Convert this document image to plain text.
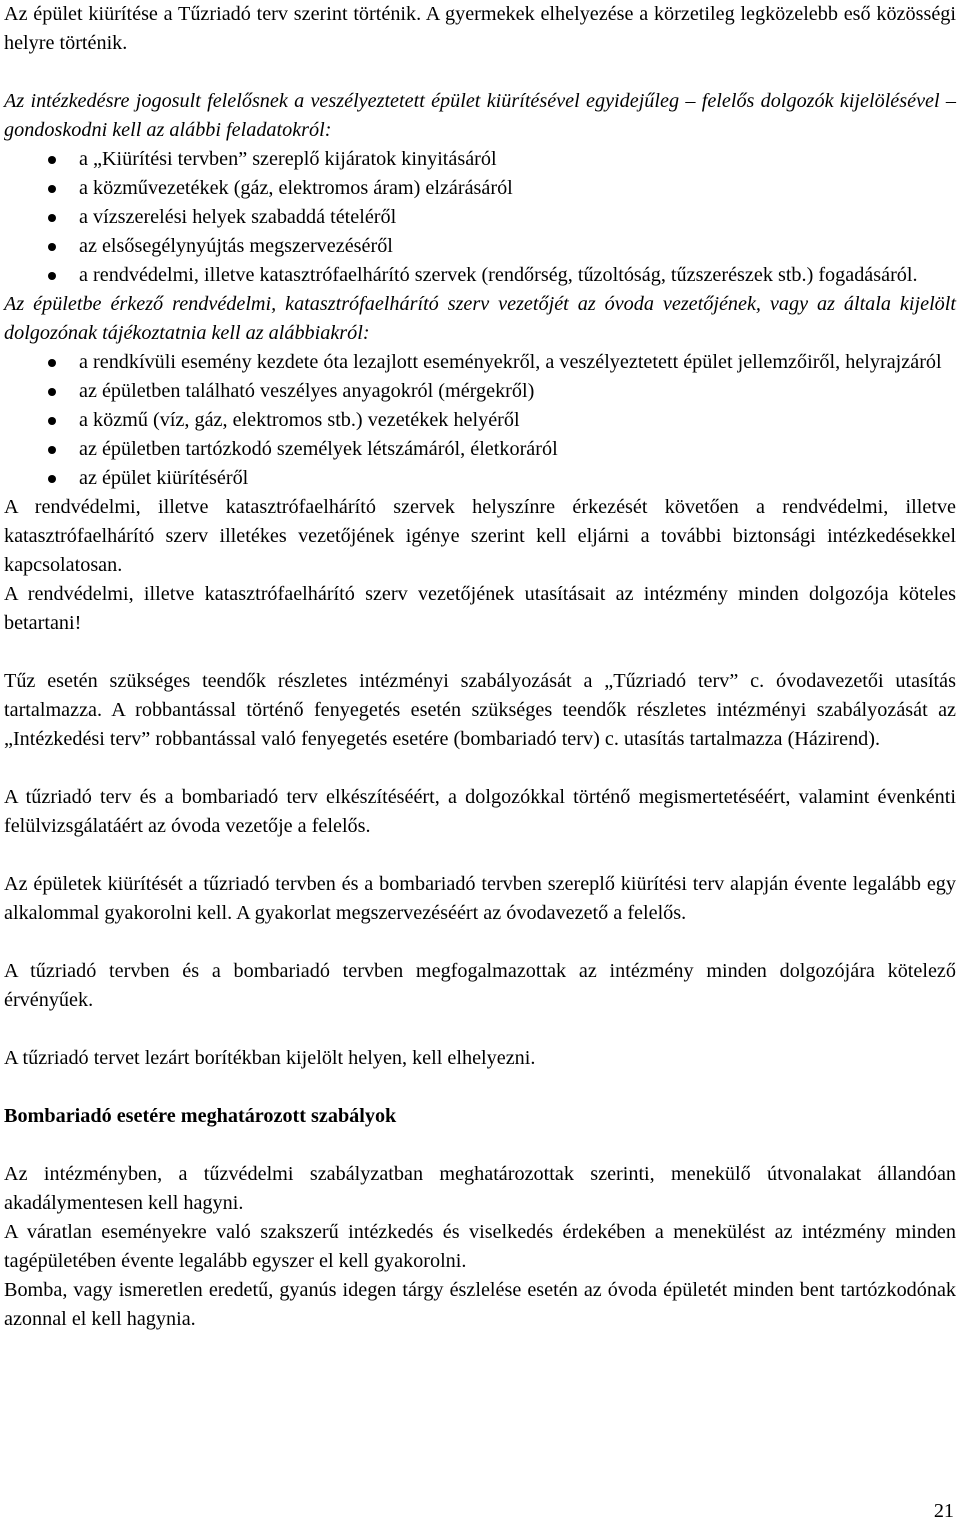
Az épület kiürítése a Tűzriadó terv szerint történik. A gyermekek elhelyezése a körzetileg legközelebb eső közösségi helyre történik.

Az intézkedésre jogosult felelősnek a veszélyeztetett épület kiürítésével egyidejűleg – felelős dolgozók kijelölésével – gondoskodni kell az alábbi feladatokról:

a „Kiürítési tervben” szereplő kijáratok kinyitásáról
a közművezetékek (gáz, elektromos áram) elzárásáról
a vízszerelési helyek szabaddá tételéről
az elsősegélynyújtás megszervezéséről
a rendvédelmi, illetve katasztrófaelhárító szervek (rendőrség, tűzoltóság, tűzszerészek stb.) fogadásáról.

Az épületbe érkező rendvédelmi, katasztrófaelhárító szerv vezetőjét az óvoda vezetőjének, vagy az általa kijelölt dolgozónak tájékoztatnia kell az alábbiakról:

a rendkívüli esemény kezdete óta lezajlott eseményekről, a veszélyeztetett épület jellemzőiről, helyrajzáról
az épületben található veszélyes anyagokról (mérgekről)
a közmű (víz, gáz, elektromos stb.) vezetékek helyéről
az épületben tartózkodó személyek létszámáról, életkoráról
az épület kiürítéséről

A rendvédelmi, illetve katasztrófaelhárító szervek helyszínre érkezését követően a rendvédelmi, illetve katasztrófaelhárító szerv illetékes vezetőjének igénye szerint kell eljárni a további biztonsági intézkedésekkel kapcsolatosan.

A rendvédelmi, illetve katasztrófaelhárító szerv vezetőjének utasításait az intézmény minden dolgozója köteles betartani!

Tűz esetén szükséges teendők részletes intézményi szabályozását a „Tűzriadó terv” c. óvodavezetői utasítás tartalmazza. A robbantással történő fenyegetés esetén szükséges teendők részletes intézményi szabályozását az „Intézkedési terv” robbantással való fenyegetés esetére (bombariadó terv) c. utasítás tartalmazza (Házirend).

A tűzriadó terv és a bombariadó terv elkészítéséért, a dolgozókkal történő megismertetéséért, valamint évenkénti felülvizsgálatáért az óvoda vezetője a felelős.

Az épületek kiürítését a tűzriadó tervben és a bombariadó tervben szereplő kiürítési terv alapján évente legalább egy alkalommal gyakorolni kell. A gyakorlat megszervezéséért az óvodavezető a felelős.

A tűzriadó tervben és a bombariadó tervben megfogalmazottak az intézmény minden dolgozójára kötelező érvényűek.

A tűzriadó tervet lezárt borítékban kijelölt helyen, kell elhelyezni.

Bombariadó esetére meghatározott szabályok

Az intézményben, a tűzvédelmi szabályzatban meghatározottak szerinti, menekülő útvonalakat állandóan akadálymentesen kell hagyni.

A váratlan eseményekre való szakszerű intézkedés és viselkedés érdekében a menekülést az intézmény minden tagépületében évente legalább egyszer el kell gyakorolni.

Bomba, vagy ismeretlen eredetű, gyanús idegen tárgy észlelése esetén az óvoda épületét minden bent tartózkodónak azonnal el kell hagynia.

21
